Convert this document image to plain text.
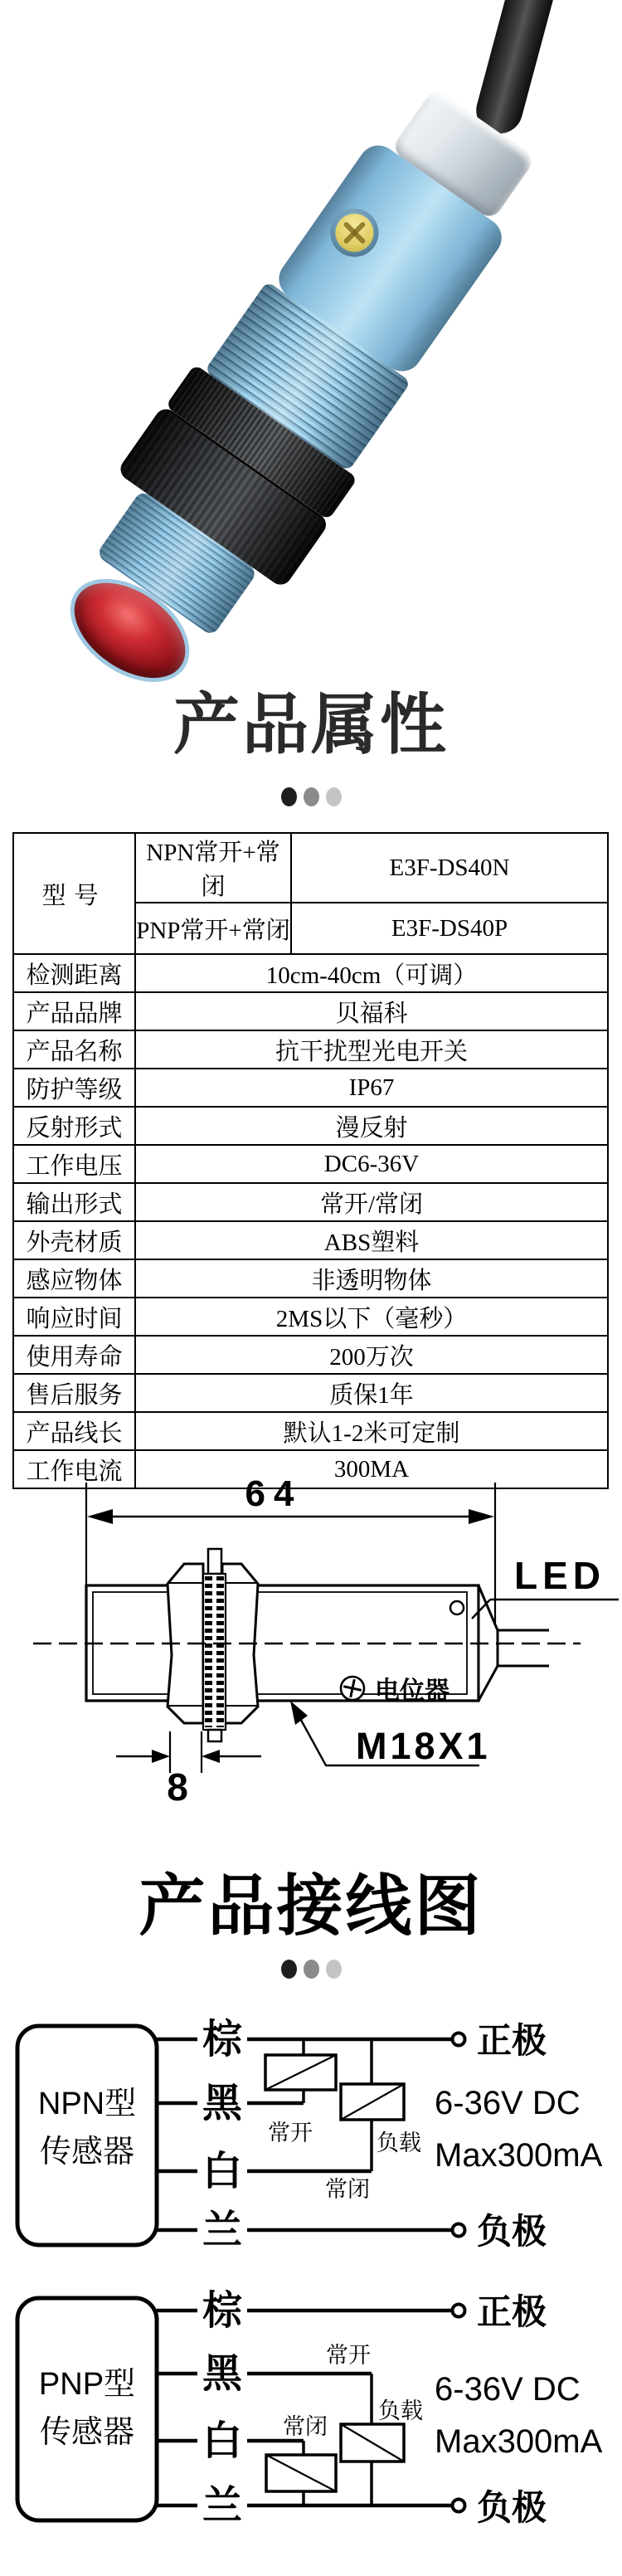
产品属性
型号	NPN常开+常闭	E3F-DS40N
	PNP常开+常闭	E3F-DS40P
检测距离	10cm-40cm（可调）	
产品品牌	贝福科	
产品名称	抗干扰型光电开关	
防护等级	IP67	
反射形式	漫反射	
工作电压	DC6-36V	
输出形式	常开/常闭	
外壳材质	ABS塑料	
感应物体	非透明物体	
响应时间	2MS以下（毫秒）	
使用寿命	200万次	
售后服务	质保1年	
产品线长	默认1-2米可定制	
工作电流	300MA	
64
LED
电位器
M18X1
8
产品接线图
NPN型
传感器
棕	正极
黑
常开	负载
白	常闭
兰	负极
6-36V DC
Max300mA
PNP型
传感器
棕	正极
黑	常开
负载
白 常闭
兰	负极
6-36V DC
Max300mA
